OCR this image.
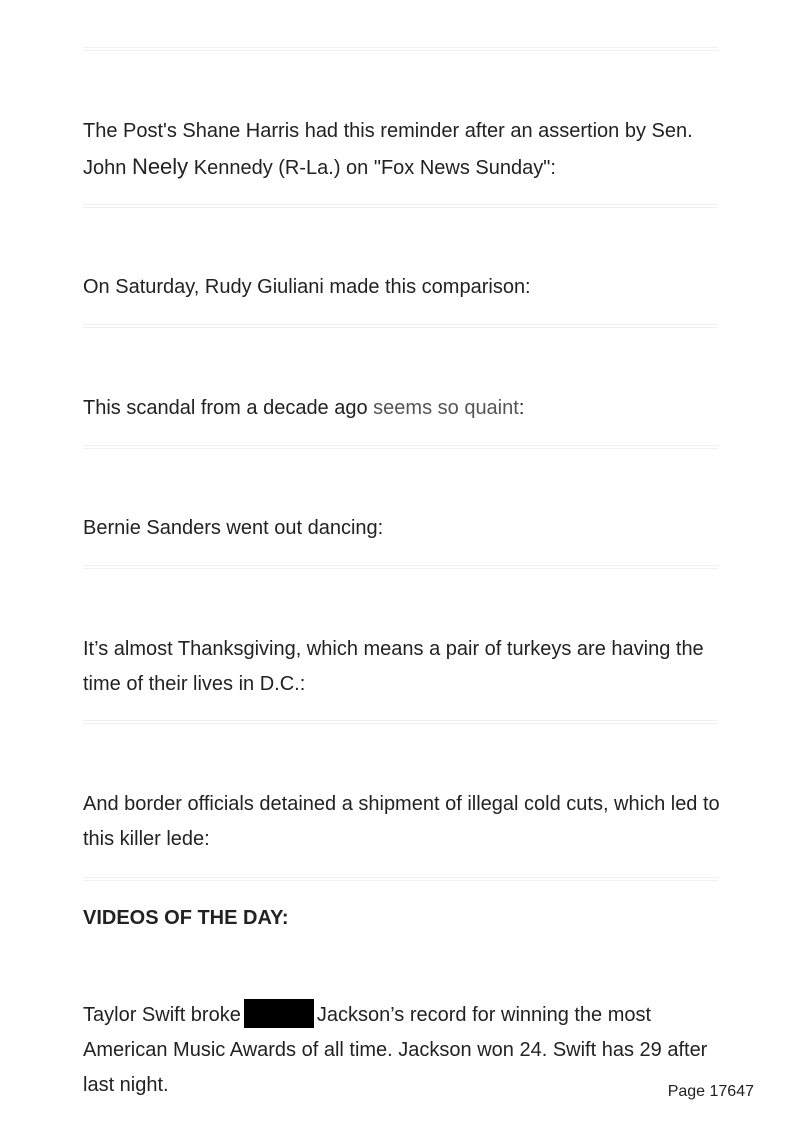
The Post's Shane Harris had this reminder after an assertion by Sen. John Neely Kennedy (R-La.) on "Fox News Sunday":

On Saturday, Rudy Giuliani made this comparison:

This scandal from a decade ago seems so quaint:

Bernie Sanders went out dancing:

It’s almost Thanksgiving, which means a pair of turkeys are having the time of their lives in D.C.:

And border officials detained a shipment of illegal cold cuts, which led to this killer lede:

VIDEOS OF THE DAY:

Taylor Swift broke	Jackson’s record for winning the most American Music Awards of all time. Jackson won 24. Swift has 29 after last night.	Page 17647
